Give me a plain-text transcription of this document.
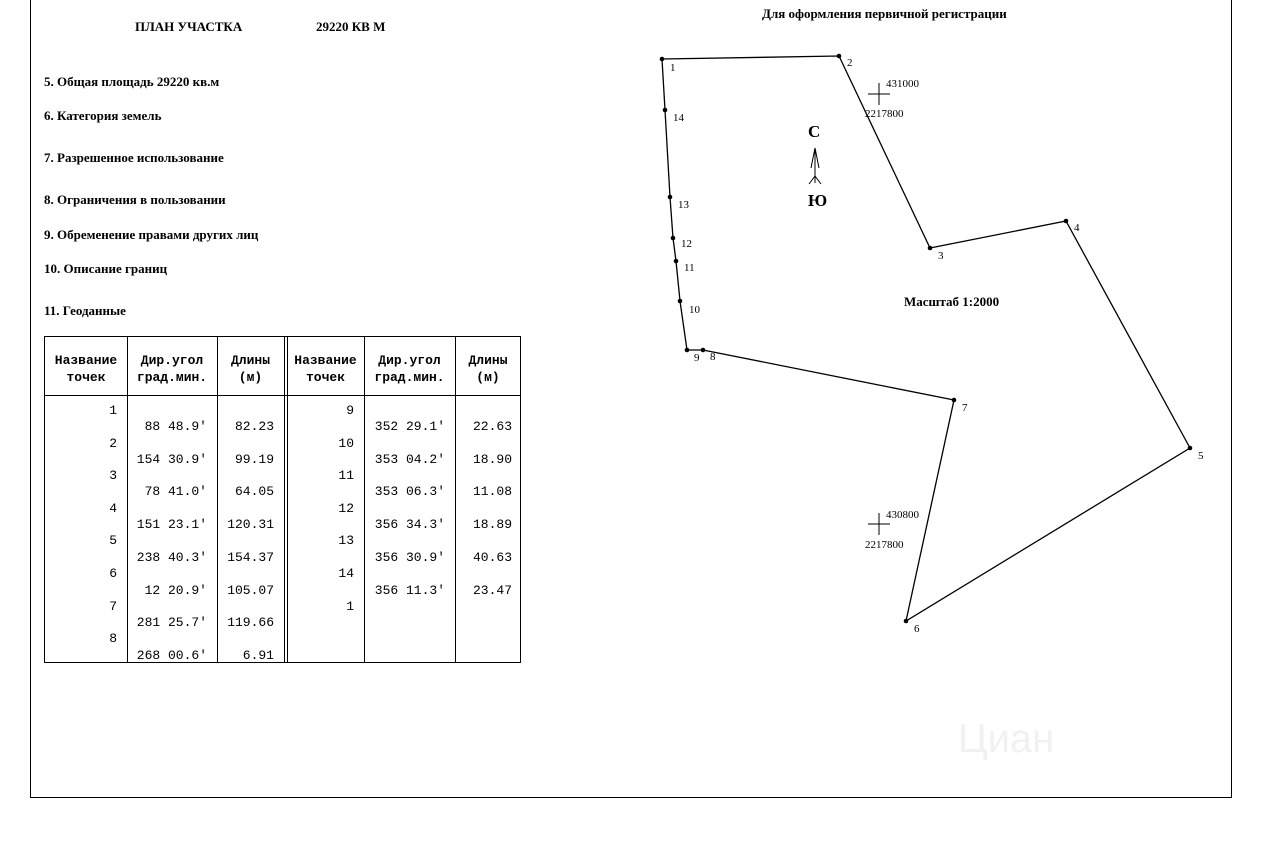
ПЛАН УЧАСТКА	29220 КВ М
Для оформления первичной регистрации
5. Общая площадь 29220 кв.м
6. Категория земель
7. Разрешенное использование
8. Ограничения в пользовании
9. Обременение правами других лиц
10. Описание границ
11. Геоданные
Название
точек
Дир.угол
град.мин.
Длины
(м)
Название
точек
Дир.угол
град.мин.
Длины
(м)
1
2
3
4
5
6
7
8
88 48.9'
154 30.9'
78 41.0'
151 23.1'
238 40.3'
12 20.9'
281 25.7'
268 00.6'
82.23
99.19
64.05
120.31
154.37
105.07
119.66
6.91
9
10
11
12
13
14
1
352 29.1'
353 04.2'
353 06.3'
356 34.3'
356 30.9'
356 11.3'
22.63
18.90
11.08
18.89
40.63
23.47
1	2
3
4
5
6
7
8
9
10
11
12
13
14
431000
2217800
430800
2217800
С
Ю
Масштаб 1:2000
Циан
